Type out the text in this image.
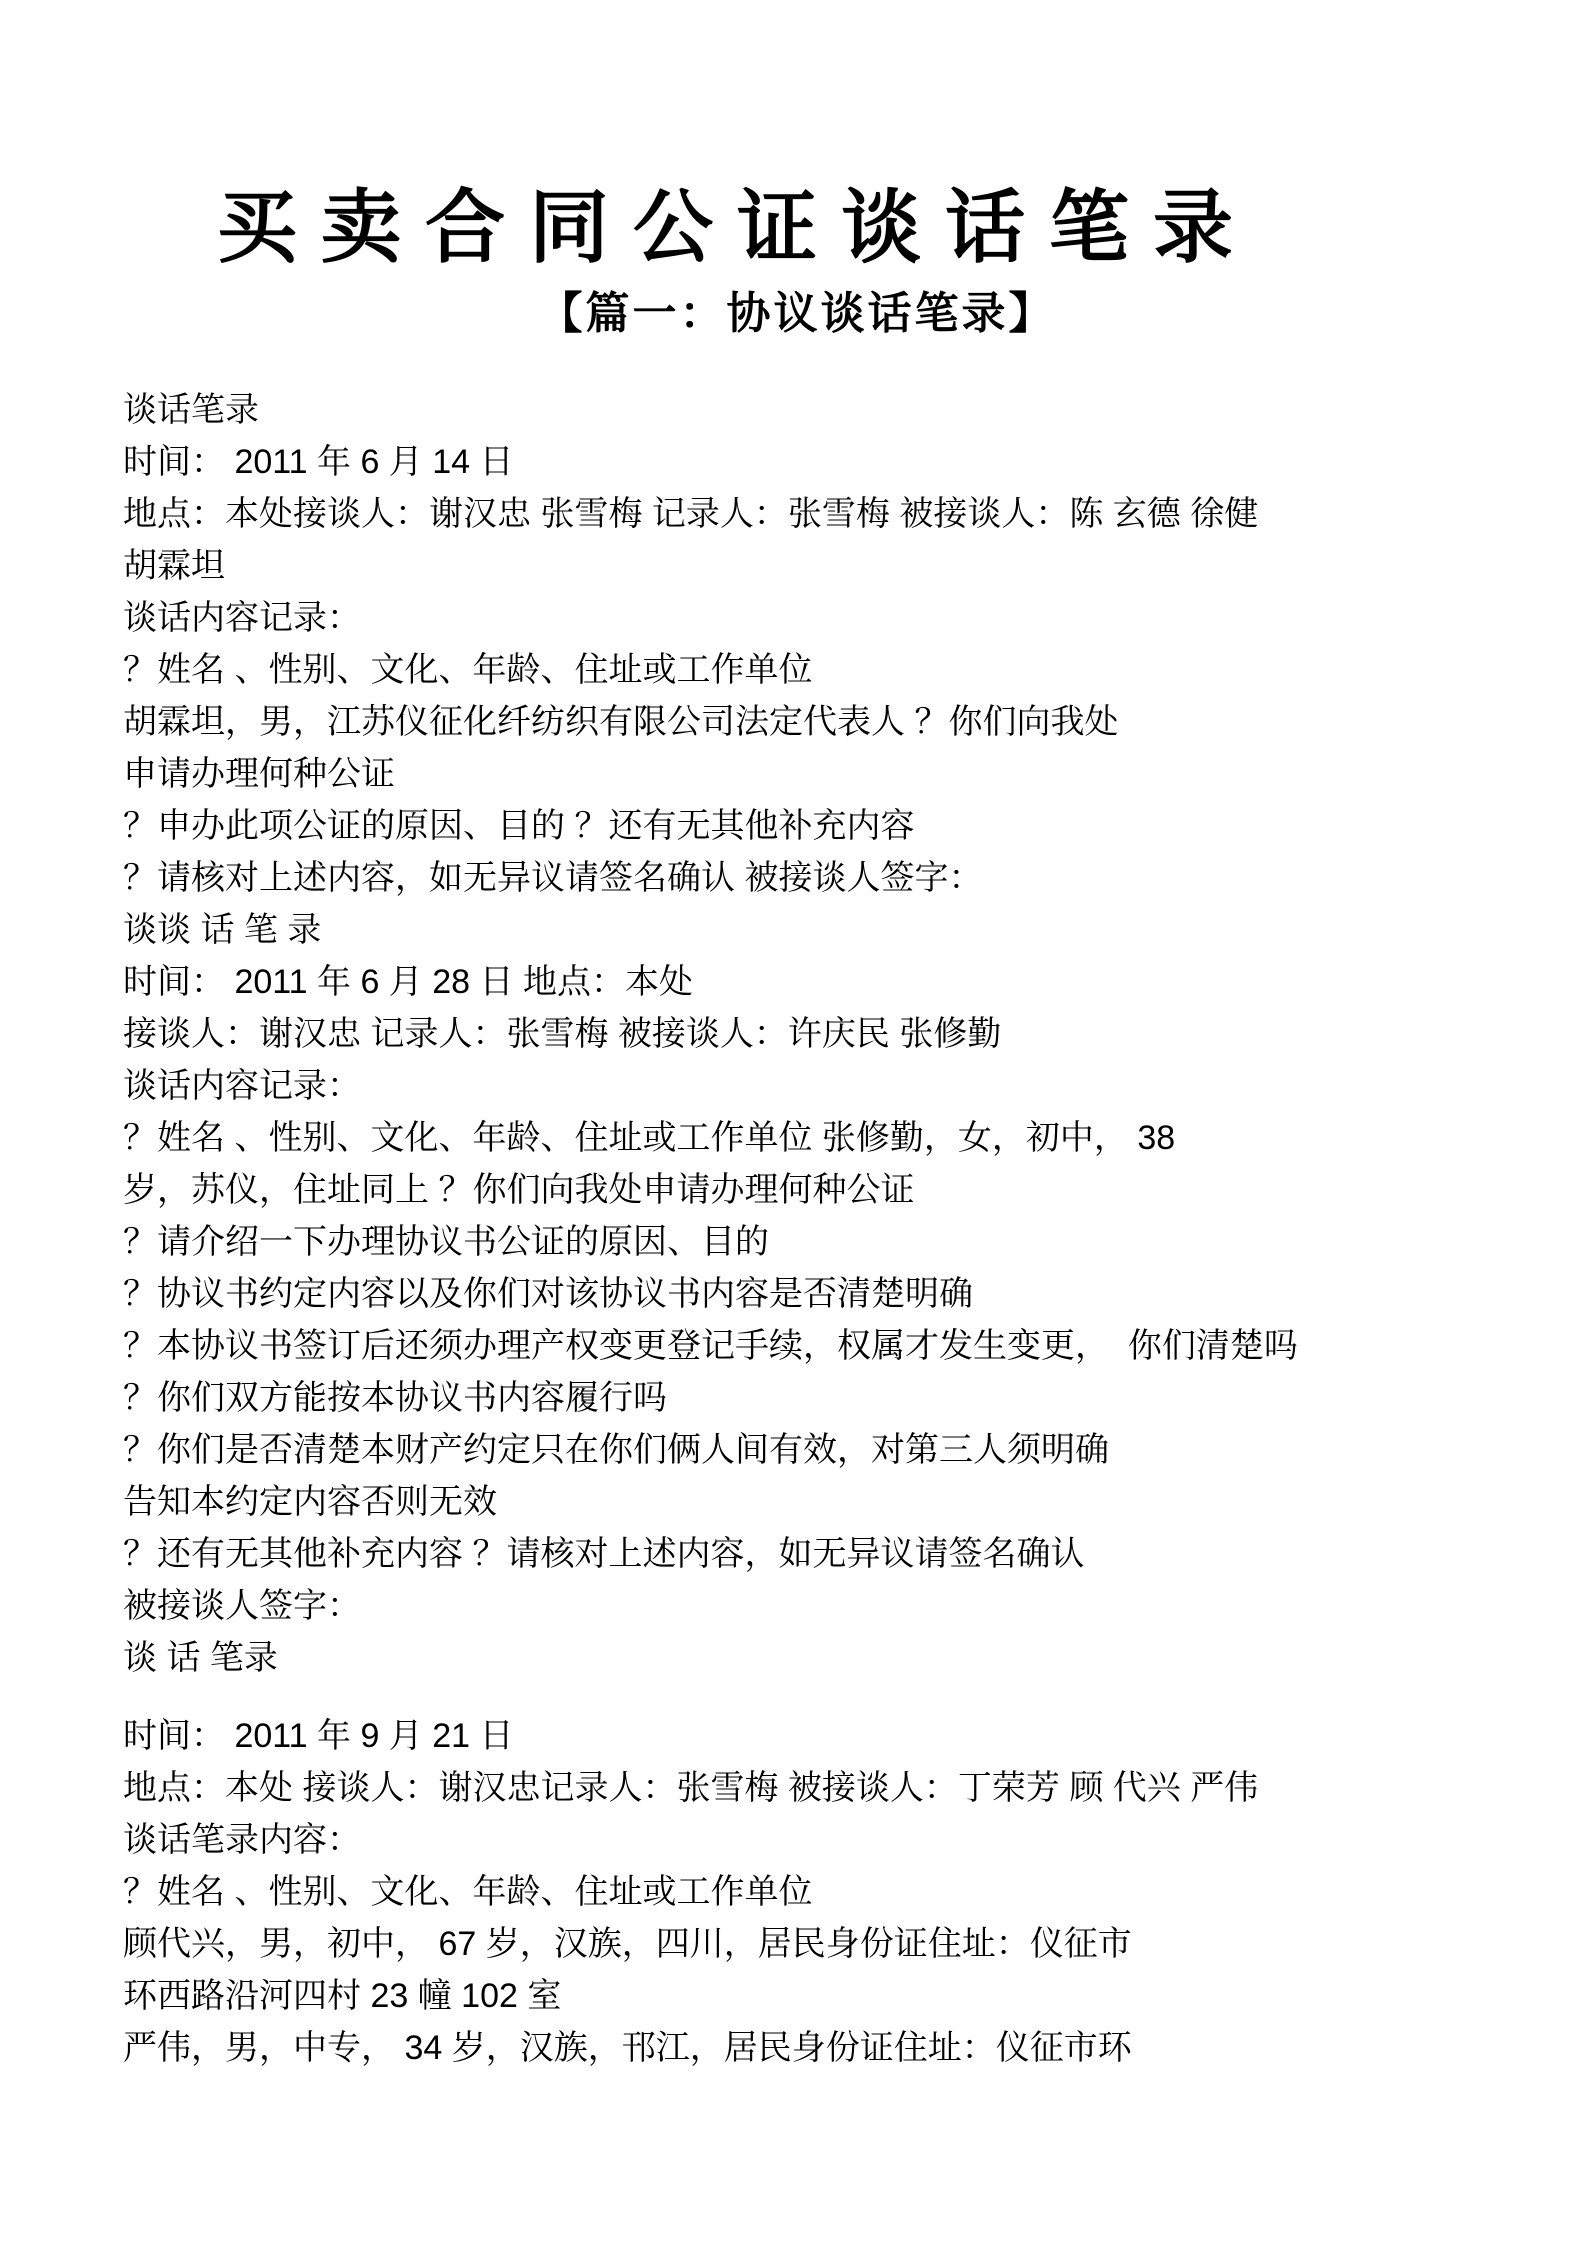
买卖合同公证谈话笔录
【篇一：协议谈话笔录】
谈话笔录
时间： 2011 年 6 月 14 日
地点：本处接谈人：谢汉忠 张雪梅 记录人：张雪梅 被接谈人：陈 玄德 徐健
胡霖坦
谈话内容记录：
？姓名 、性别、文化、年龄、住址或工作单位
胡霖坦，男，江苏仪征化纤纺织有限公司法定代表人 ？你们向我处
申请办理何种公证
？申办此项公证的原因、目的 ？还有无其他补充内容
？请核对上述内容，如无异议请签名确认 被接谈人签字：
谈谈 话 笔 录
时间： 2011 年 6 月 28 日 地点：本处
接谈人：谢汉忠 记录人：张雪梅 被接谈人：许庆民 张修勤
谈话内容记录：
？姓名 、性别、文化、年龄、住址或工作单位 张修勤，女，初中， 38
岁，苏仪，住址同上 ？你们向我处申请办理何种公证
？请介绍一下办理协议书公证的原因、目的
？协议书约定内容以及你们对该协议书内容是否清楚明确
？本协议书签订后还须办理产权变更登记手续，权属才发生变更，  你们清楚吗
？你们双方能按本协议书内容履行吗
？你们是否清楚本财产约定只在你们俩人间有效，对第三人须明确
告知本约定内容否则无效
？还有无其他补充内容 ？请核对上述内容，如无异议请签名确认
被接谈人签字：
谈 话 笔录
时间： 2011 年 9 月 21 日
地点：本处 接谈人：谢汉忠记录人：张雪梅 被接谈人：丁荣芳 顾 代兴 严伟
谈话笔录内容：
？姓名 、性别、文化、年龄、住址或工作单位
顾代兴，男，初中， 67 岁，汉族，四川，居民身份证住址：仪征市
环西路沿河四村 23 幢 102 室
严伟，男，中专， 34 岁，汉族，邗江，居民身份证住址：仪征市环
